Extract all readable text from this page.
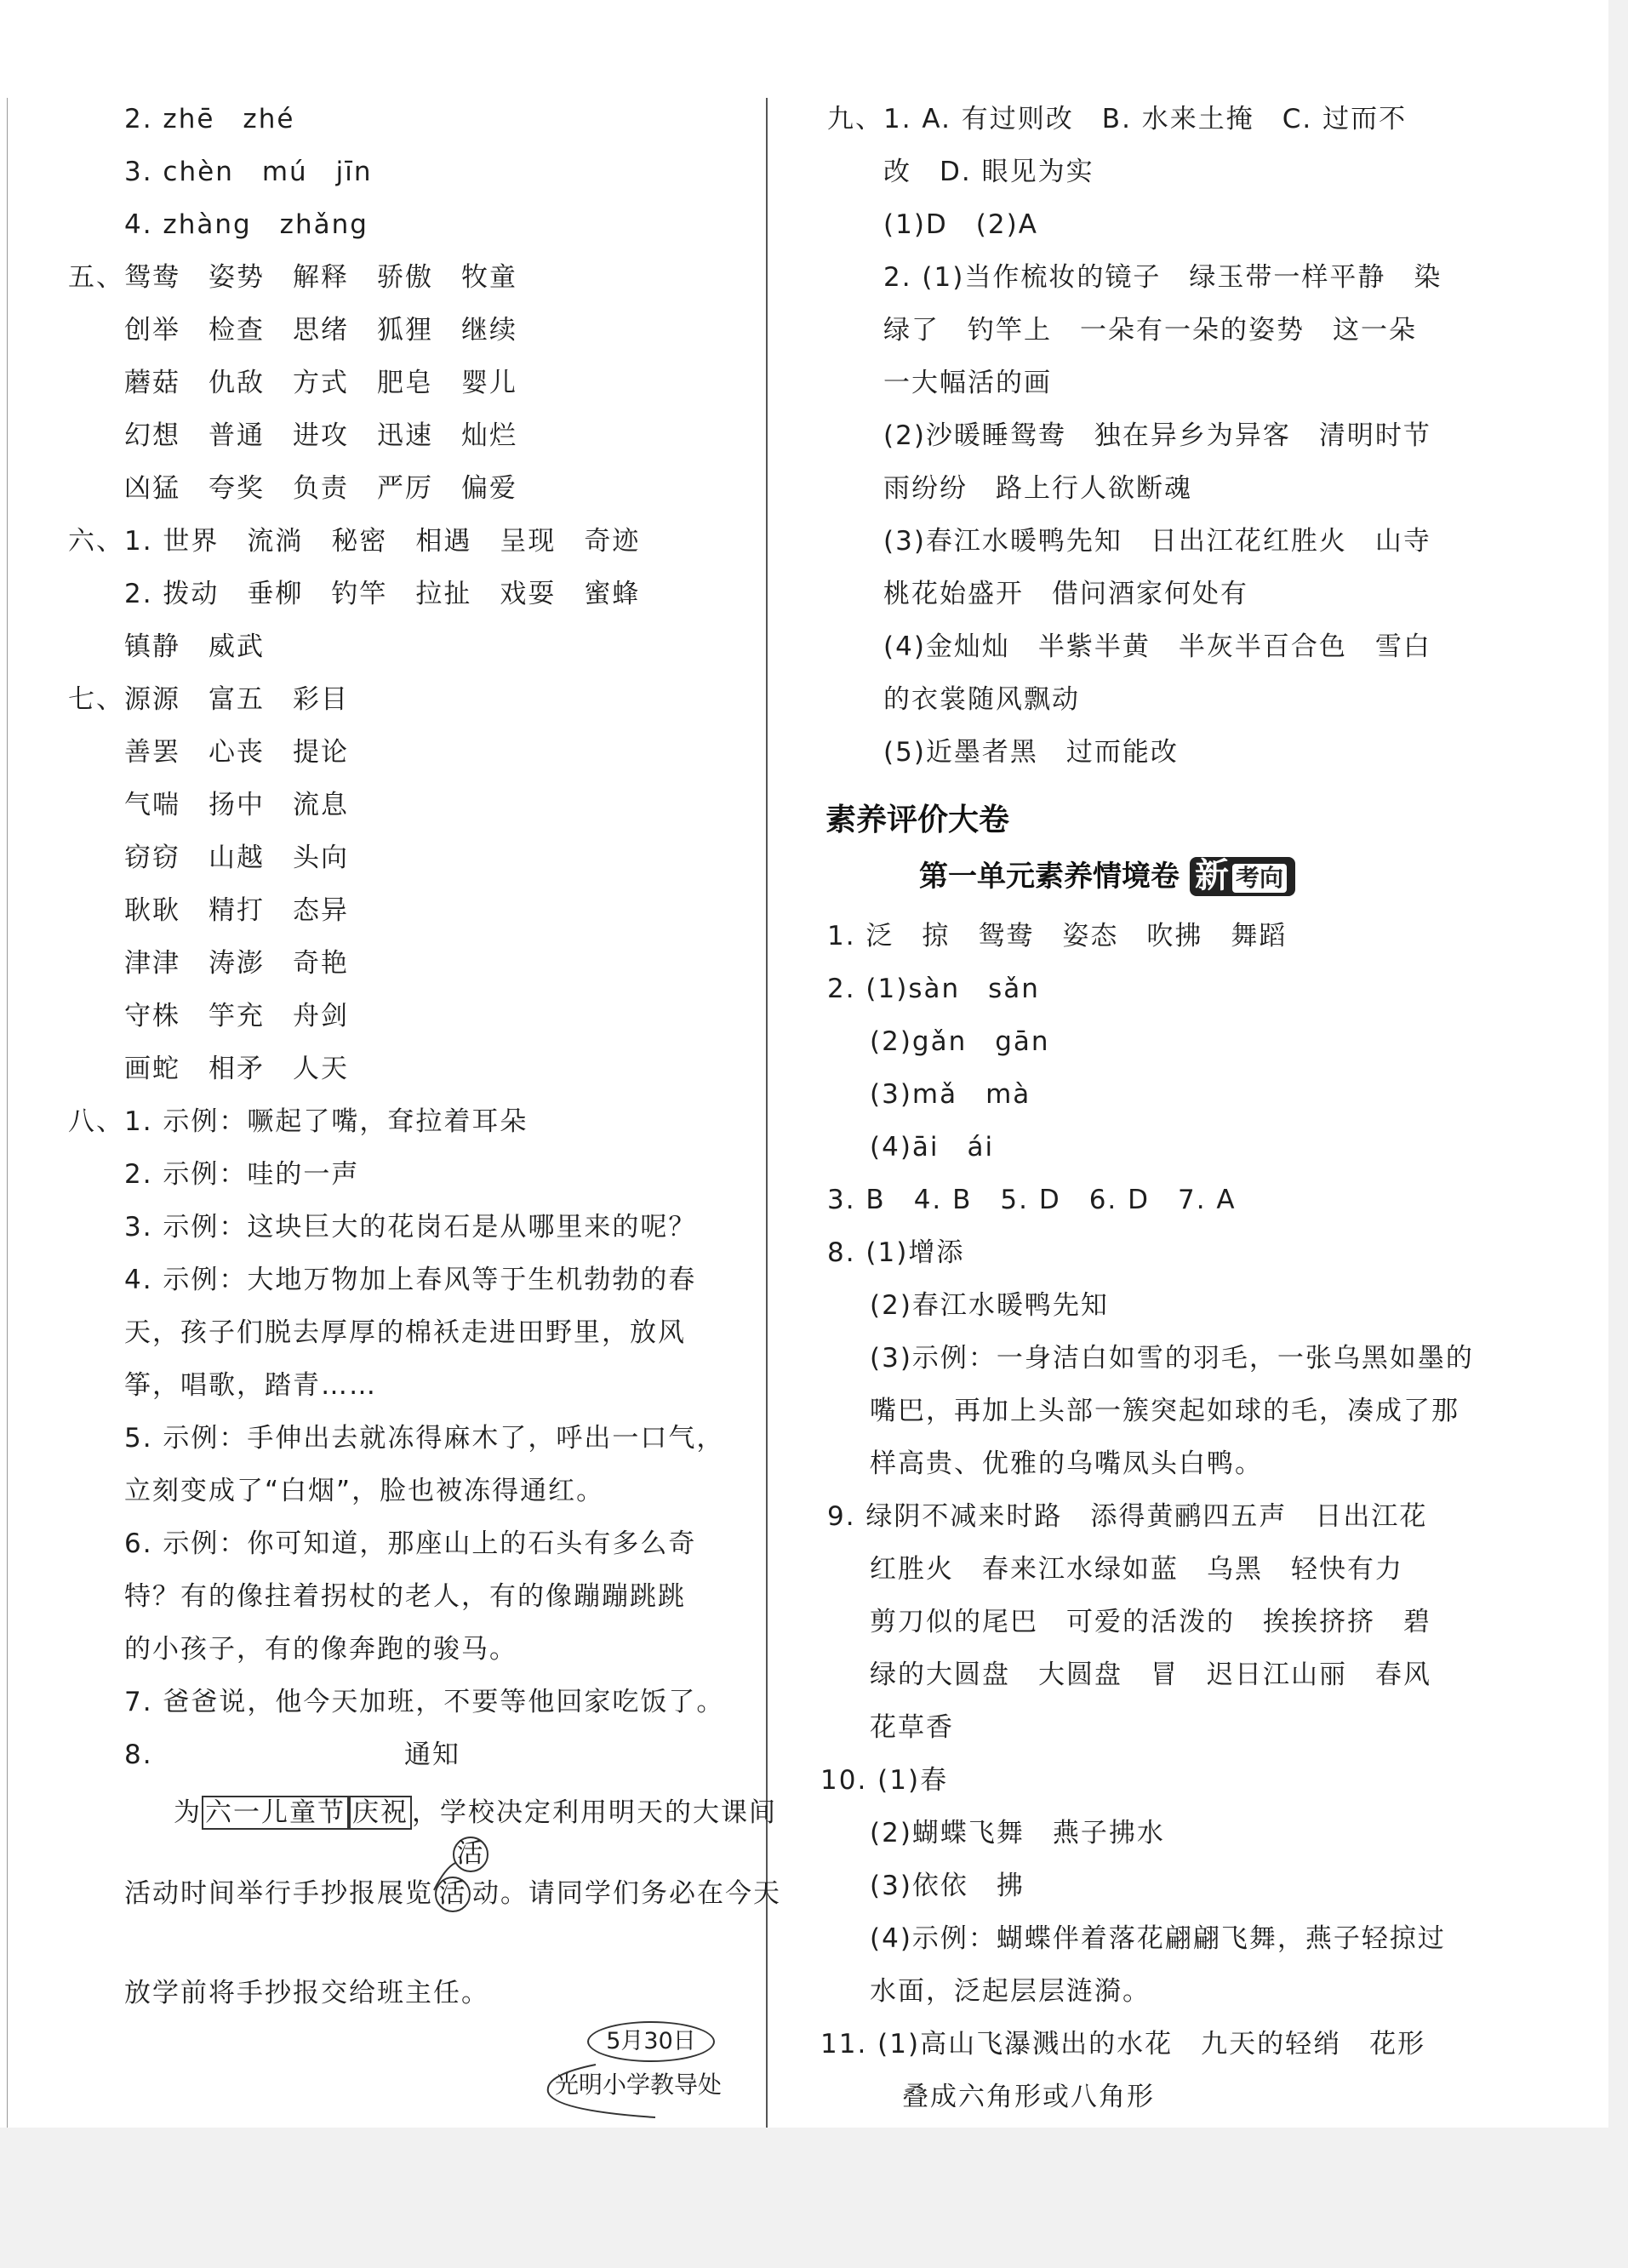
2. zhē　zhé
3. chèn　mú　jīn
4. zhàng　zhǎng
五、鸳鸯　姿势　解释　骄傲　牧童
创举　检查　思绪　狐狸　继续
蘑菇　仇敌　方式　肥皂　婴儿
幻想　普通　进攻　迅速　灿烂
凶猛　夸奖　负责　严厉　偏爱
六、1. 世界　流淌　秘密　相遇　呈现　奇迹
2. 拨动　垂柳　钓竿　拉扯　戏耍　蜜蜂
镇静　威武
七、源源　富五　彩目
善罢　心丧　提论
气喘　扬中　流息
窃窃　山越　头向
耿耿　精打　态异
津津　涛澎　奇艳
守株　竽充　舟剑
画蛇　相矛　人天
八、1. 示例：噘起了嘴，耷拉着耳朵
2. 示例：哇的一声
3. 示例：这块巨大的花岗石是从哪里来的呢？
4. 示例：大地万物加上春风等于生机勃勃的春
天，孩子们脱去厚厚的棉袄走进田野里，放风
筝，唱歌，踏青……
5. 示例：手伸出去就冻得麻木了，呼出一口气，
立刻变成了“白烟”，脸也被冻得通红。
6. 示例：你可知道，那座山上的石头有多么奇
特？有的像拄着拐杖的老人，有的像蹦蹦跳跳
的小孩子，有的像奔跑的骏马。
7. 爸爸说，他今天加班，不要等他回家吃饭了。
8.	通知
为 六一儿童节 庆祝 ，学校决定利用明天的大课间
活
活动时间举行手抄报展览 活 动。请同学们务必在今天
放学前将手抄报交给班主任。
5月30日
光明小学教导处
九、1. A. 有过则改　B. 水来土掩　C. 过而不
改　D. 眼见为实
(1)D　(2)A
2. (1)当作梳妆的镜子　绿玉带一样平静　染
绿了　钓竿上　一朵有一朵的姿势　这一朵
一大幅活的画
(2)沙暖睡鸳鸯　独在异乡为异客　清明时节
雨纷纷　路上行人欲断魂
(3)春江水暖鸭先知　日出江花红胜火　山寺
桃花始盛开　借问酒家何处有
(4)金灿灿　半紫半黄　半灰半百合色　雪白
的衣裳随风飘动
(5)近墨者黑　过而能改
素养评价大卷
第一单元素养情境卷 新 考向
1. 泛　掠　鸳鸯　姿态　吹拂　舞蹈
2. (1)sàn　sǎn
(2)gǎn　gān
(3)mǎ　mà
(4)āi　ái
3. B　4. B　5. D　6. D　7. A
8. (1)增添
(2)春江水暖鸭先知
(3)示例：一身洁白如雪的羽毛，一张乌黑如墨的
嘴巴，再加上头部一簇突起如球的毛，凑成了那
样高贵、优雅的乌嘴凤头白鸭。
9. 绿阴不减来时路　添得黄鹂四五声　日出江花
红胜火　春来江水绿如蓝　乌黑　轻快有力
剪刀似的尾巴　可爱的活泼的　挨挨挤挤　碧
绿的大圆盘　大圆盘　冒　迟日江山丽　春风
花草香
10. (1)春
(2)蝴蝶飞舞　燕子拂水
(3)依依　拂
(4)示例：蝴蝶伴着落花翩翩飞舞，燕子轻掠过
水面，泛起层层涟漪。
11. (1)高山飞瀑溅出的水花　九天的轻绡　花形
叠成六角形或八角形
